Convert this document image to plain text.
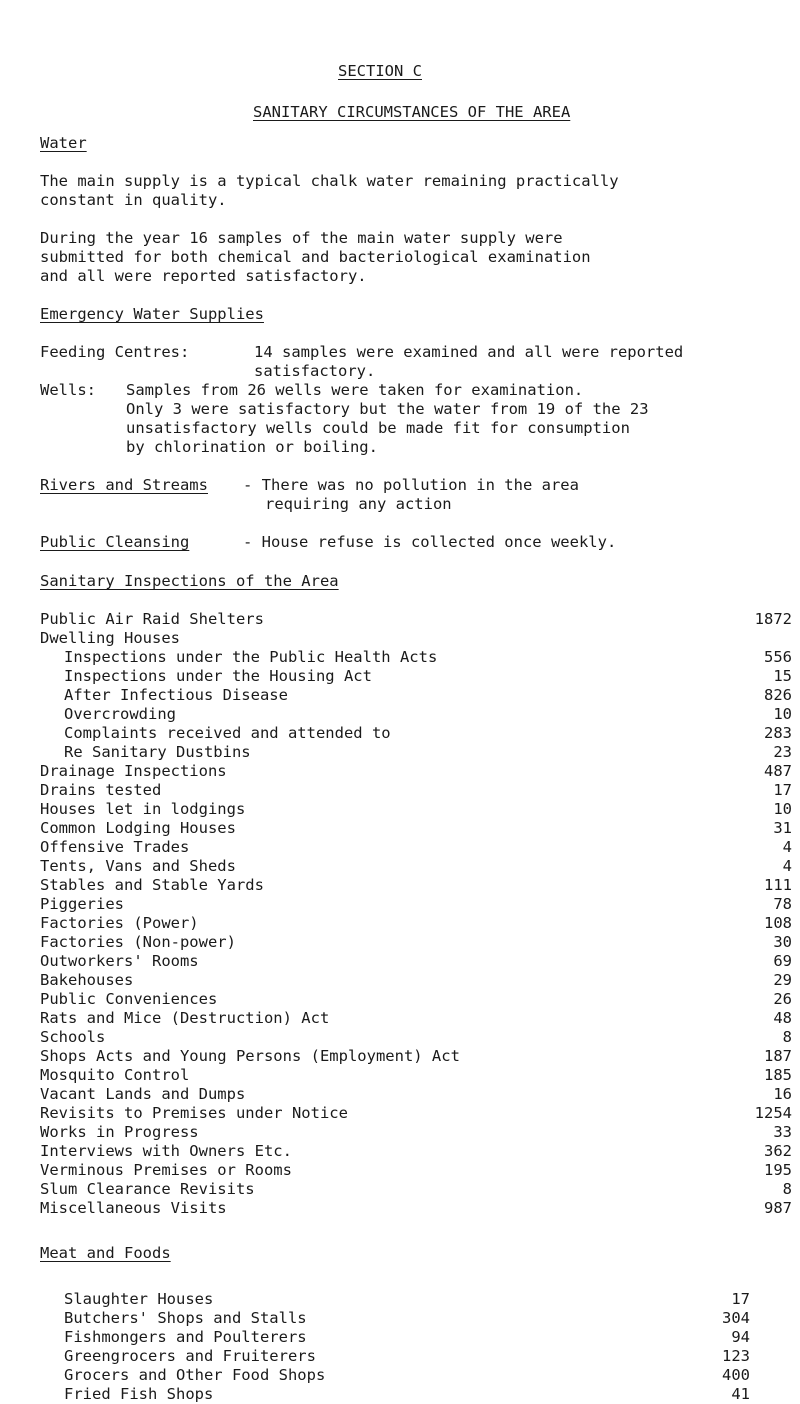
SECTION C
SANITARY CIRCUMSTANCES OF THE AREA
Water
The main supply is a typical chalk water remaining practically
constant in quality.
During the year 16 samples of the main water supply were
submitted for both chemical and bacteriological examination
and all were reported satisfactory.
Emergency Water Supplies
Feeding Centres:	14 samples were examined and all were reported
satisfactory.
Wells: Samples from 26 wells were taken for examination.
Only 3 were satisfactory but the water from 19 of the 23
unsatisfactory wells could be made fit for consumption
by chlorination or boiling.
Rivers and Streams - There was no pollution in the area
requiring any action
Public Cleansing	- House refuse is collected once weekly.
Sanitary Inspections of the Area
Public Air Raid Shelters	1872
Dwelling Houses
Inspections under the Public Health Acts	556
Inspections under the Housing Act	15
After Infectious Disease	826
Overcrowding	10
Complaints received and attended to	283
Re Sanitary Dustbins	23
Drainage Inspections	487
Drains tested	17
Houses let in lodgings	10
Common Lodging Houses	31
Offensive Trades	4
Tents, Vans and Sheds	4
Stables and Stable Yards	111
Piggeries	78
Factories (Power)	108
Factories (Non-power)	30
Outworkers' Rooms	69
Bakehouses	29
Public Conveniences	26
Rats and Mice (Destruction) Act	48
Schools	8
Shops Acts and Young Persons (Employment) Act	187
Mosquito Control	185
Vacant Lands and Dumps	16
Revisits to Premises under Notice	1254
Works in Progress	33
Interviews with Owners Etc.	362
Verminous Premises or Rooms	195
Slum Clearance Revisits	8
Miscellaneous Visits	987
Meat and Foods
Slaughter Houses	17
Butchers' Shops and Stalls	304
Fishmongers and Poulterers	94
Greengrocers and Fruiterers	123
Grocers and Other Food Shops	400
Fried Fish Shops	41
